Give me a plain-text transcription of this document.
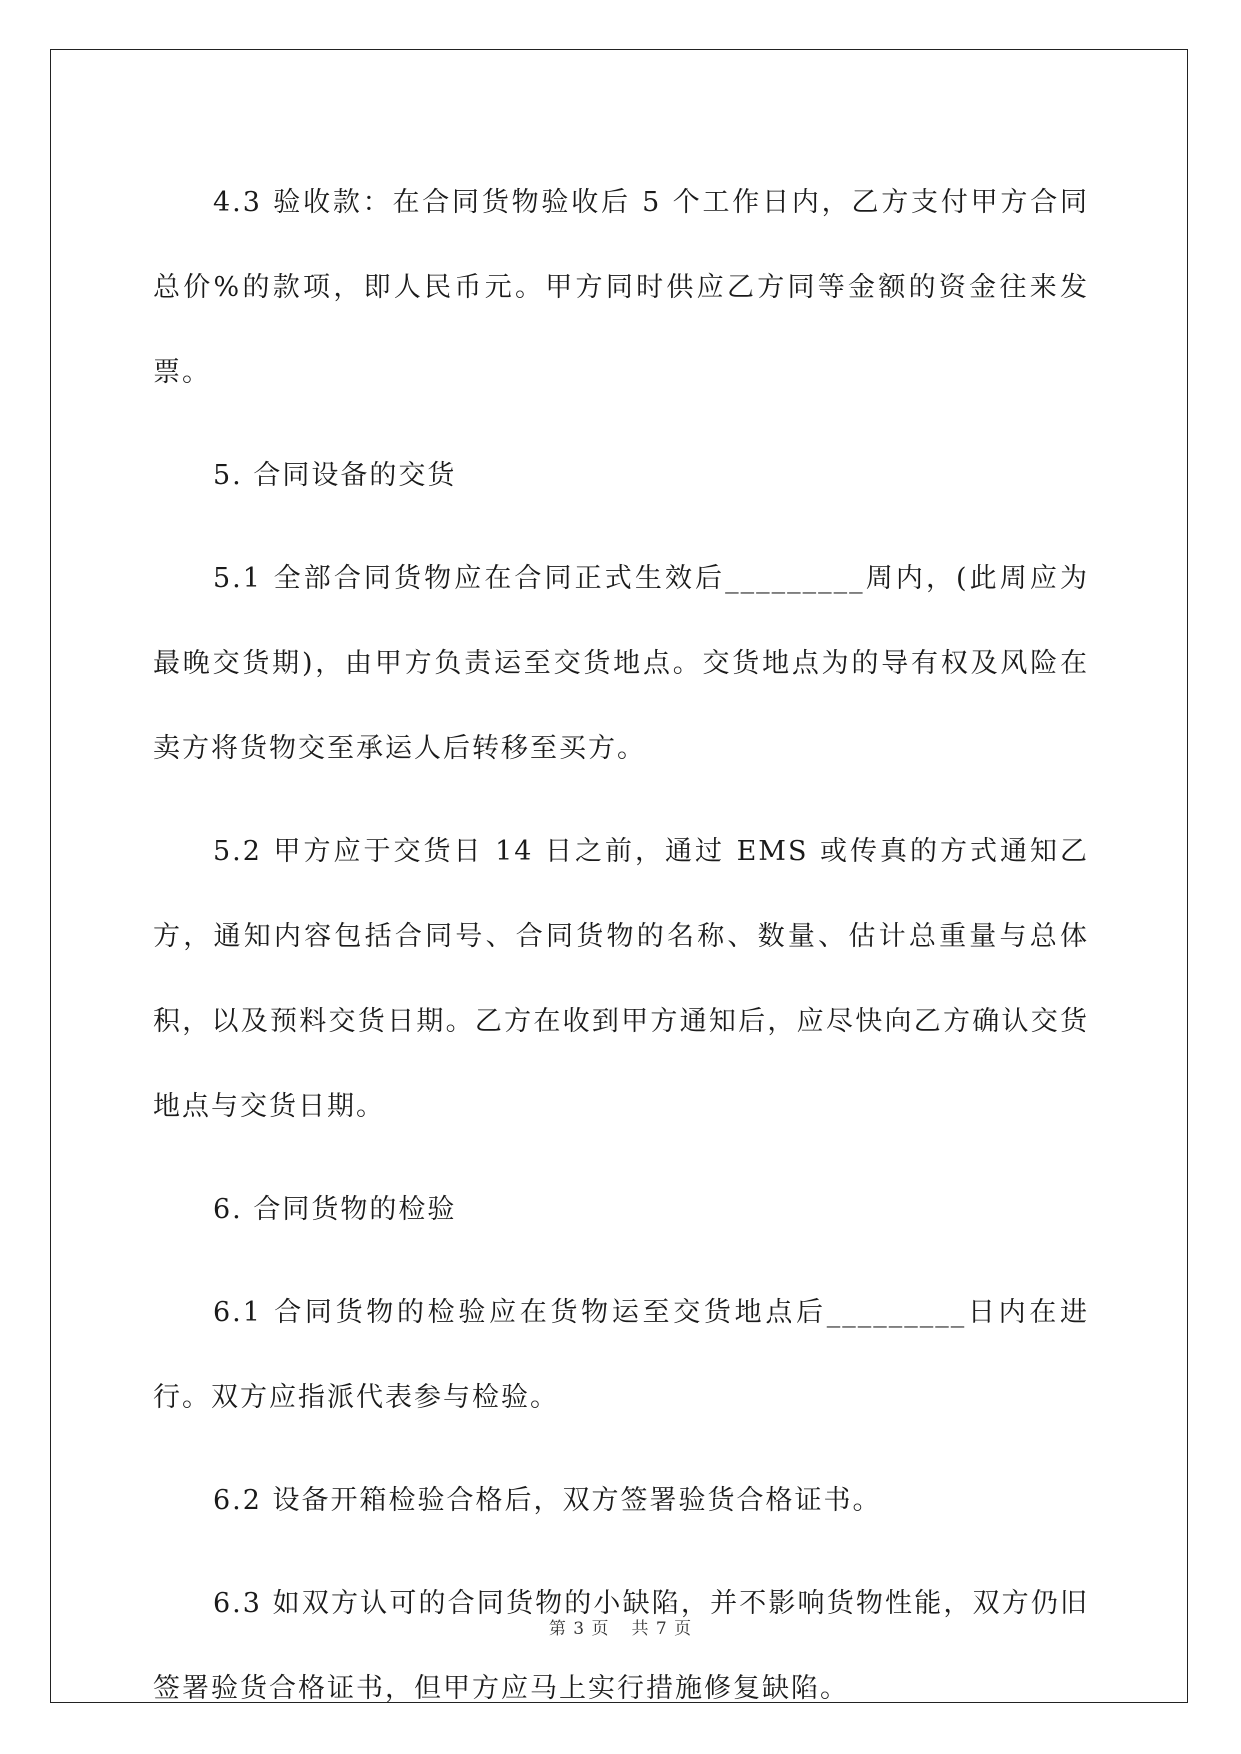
4.3 验收款：在合同货物验收后 5 个工作日内，乙方支付甲方合同总价%的款项，即人民币元。甲方同时供应乙方同等金额的资金往来发票。

5. 合同设备的交货

5.1 全部合同货物应在合同正式生效后_________周内，(此周应为最晚交货期)，由甲方负责运至交货地点。交货地点为的导有权及风险在卖方将货物交至承运人后转移至买方。

5.2 甲方应于交货日 14 日之前，通过 EMS 或传真的方式通知乙方，通知内容包括合同号、合同货物的名称、数量、估计总重量与总体积，以及预料交货日期。乙方在收到甲方通知后，应尽快向乙方确认交货地点与交货日期。

6. 合同货物的检验

6.1 合同货物的检验应在货物运至交货地点后_________日内在进行。双方应指派代表参与检验。

6.2 设备开箱检验合格后，双方签署验货合格证书。

6.3 如双方认可的合同货物的小缺陷，并不影响货物性能，双方仍旧签署验货合格证书，但甲方应马上实行措施修复缺陷。

第 3 页 共 7 页
